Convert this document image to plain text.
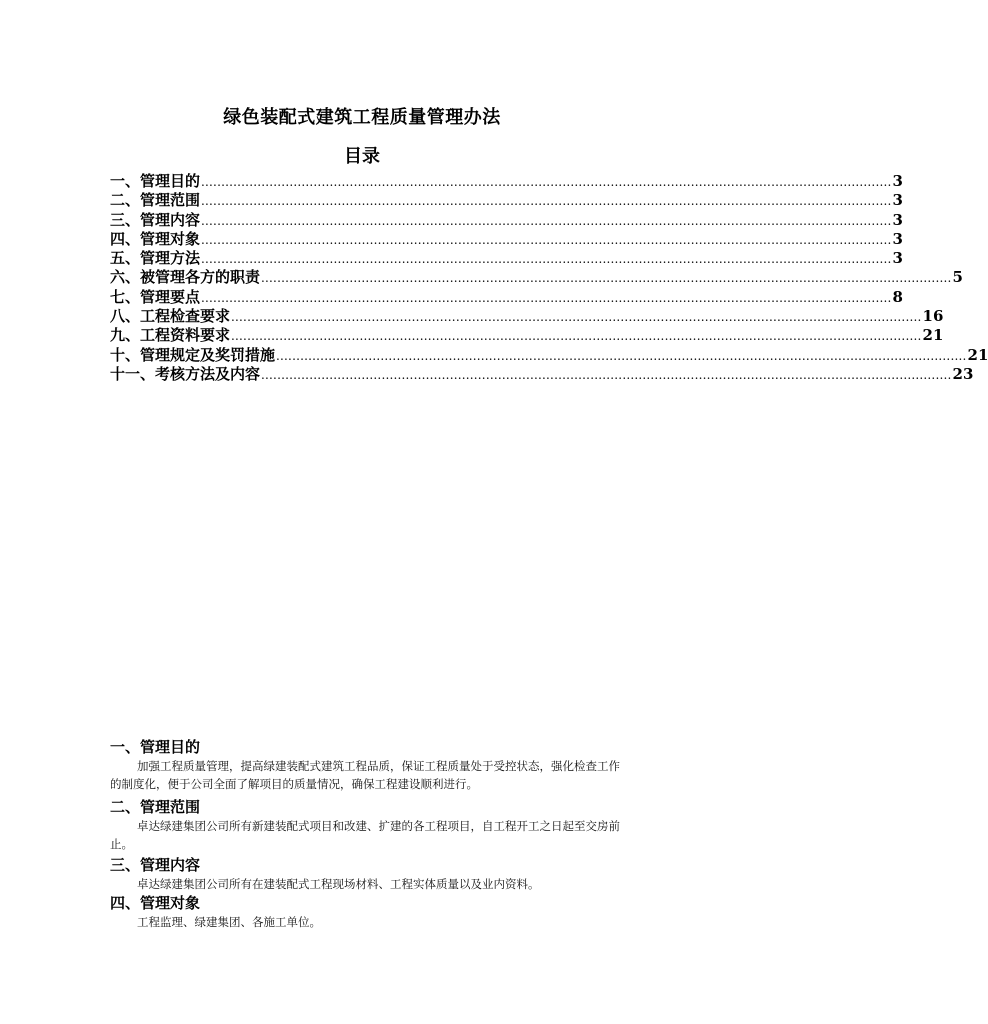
绿色装配式建筑工程质量管理办法
目录
一、管理目的 ............................................................................................................................................................................ 3
二、管理范围 ............................................................................................................................................................................ 3
三、管理内容 ............................................................................................................................................................................ 3
四、管理对象 ............................................................................................................................................................................ 3
五、管理方法 ............................................................................................................................................................................ 3
六、被管理各方的职责 ............................................................................................................................................................................ 5
七、管理要点 ............................................................................................................................................................................ 8
八、工程检查要求 ............................................................................................................................................................................ 16
九、工程资料要求 ............................................................................................................................................................................ 21
十、管理规定及奖罚措施 ............................................................................................................................................................................ 21
十一、考核方法及内容 ............................................................................................................................................................................ 23
一、管理目的
加强工程质量管理，提高绿建装配式建筑工程品质，保证工程质量处于受控状态，强化检查工作的制度化，便于公司全面了解项目的质量情况，确保工程建设顺利进行。
二、管理范围
卓达绿建集团公司所有新建装配式项目和改建、扩建的各工程项目，自工程开工之日起至交房前止。
三、管理内容
卓达绿建集团公司所有在建装配式工程现场材料、工程实体质量以及业内资料。
四、管理对象
工程监理、绿建集团、各施工单位。
